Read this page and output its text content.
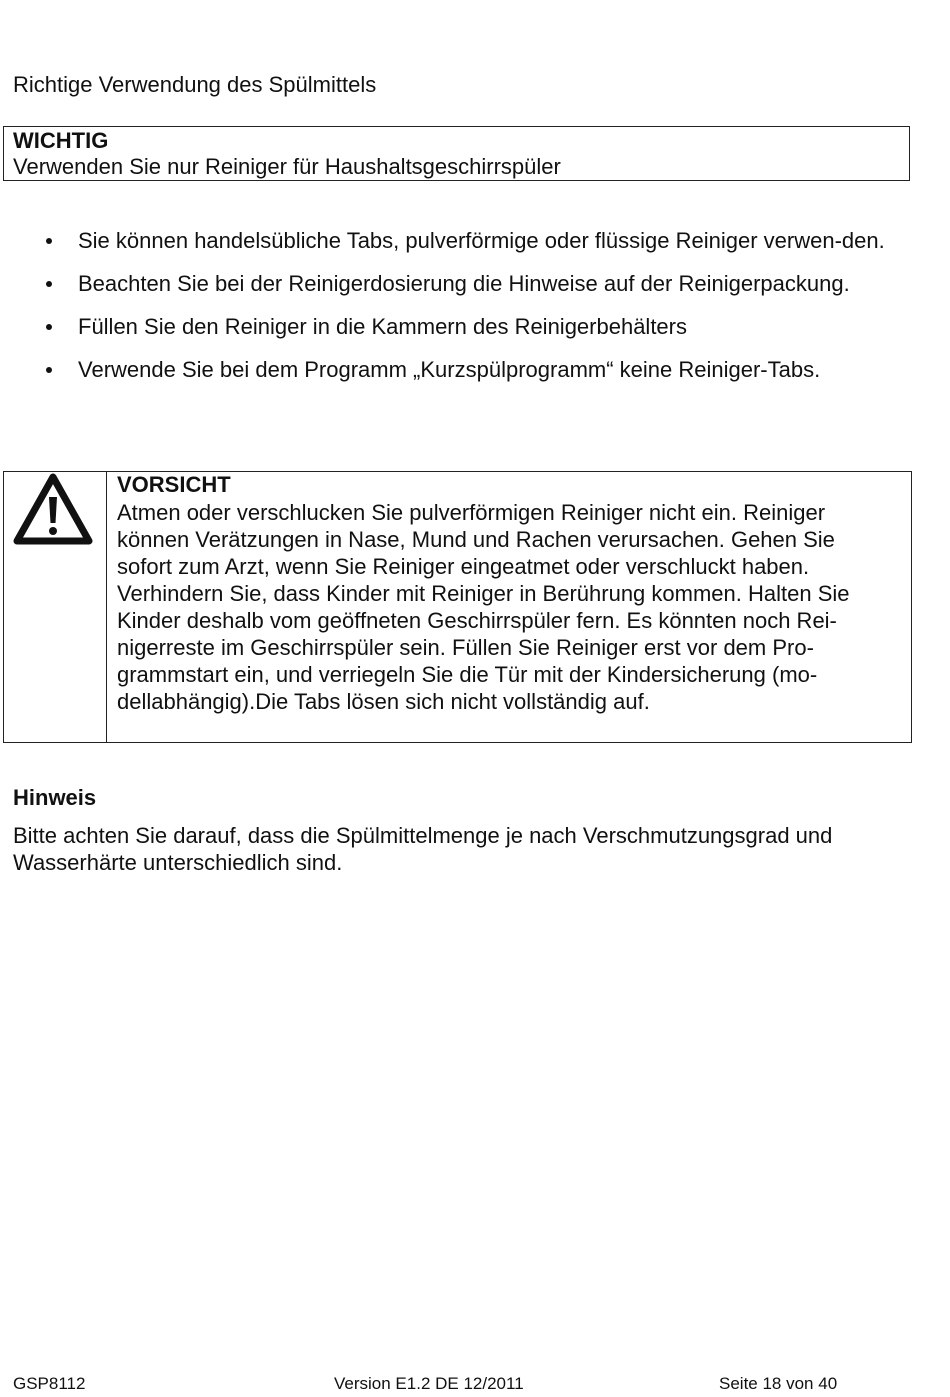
Richtige Verwendung des Spülmittels
WICHTIG
Verwenden Sie nur Reiniger für Haushaltsgeschirrspüler
Sie können handelsübliche Tabs, pulverförmige oder flüssige Reiniger verwen-den.
Beachten Sie bei der Reinigerdosierung die Hinweise auf der Reinigerpackung.
Füllen Sie den Reiniger in die Kammern des Reinigerbehälters
Verwende Sie bei dem Programm „Kurzspülprogramm“ keine Reiniger-Tabs.
VORSICHT
Atmen oder verschlucken Sie pulverförmigen Reiniger nicht ein. Reiniger
können Verätzungen in Nase, Mund und Rachen verursachen. Gehen Sie
sofort zum Arzt, wenn Sie Reiniger eingeatmet oder verschluckt haben.
Verhindern Sie, dass Kinder mit Reiniger in Berührung kommen. Halten Sie
Kinder deshalb vom geöffneten Geschirrspüler fern. Es könnten noch Rei-
nigerreste im Geschirrspüler sein. Füllen Sie Reiniger erst vor dem Pro-
grammstart ein, und verriegeln Sie die Tür mit der Kindersicherung (mo-
dellabhängig).Die Tabs lösen sich nicht vollständig auf.
Hinweis
Bitte achten Sie darauf, dass die Spülmittelmenge je nach Verschmutzungsgrad und
Wasserhärte unterschiedlich sind.
GSP8112	Version E1.2 DE 12/2011	Seite 18 von 40
